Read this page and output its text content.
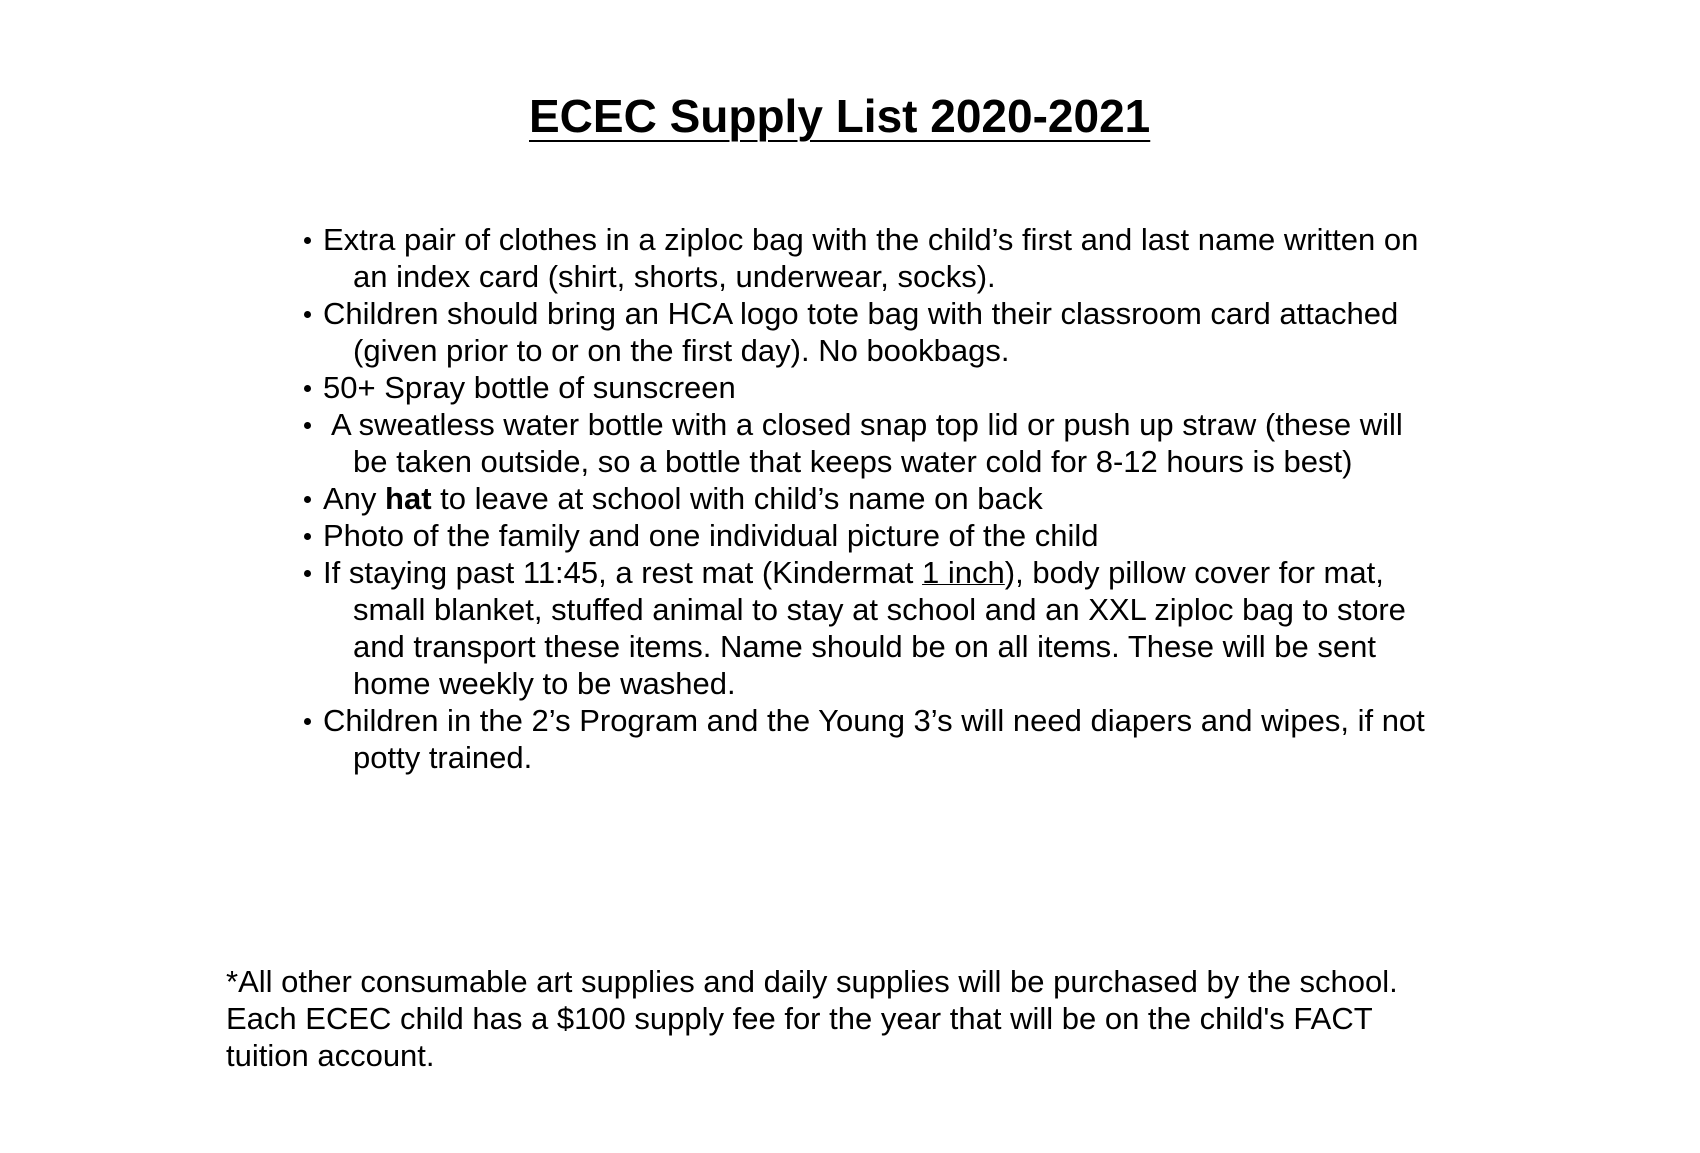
ECEC Supply List 2020-2021
Extra pair of clothes in a ziploc bag with the child’s first and last name written on
an index card (shirt, shorts, underwear, socks).
Children should bring an HCA logo tote bag with their classroom card attached
(given prior to or on the first day). No bookbags.
50+ Spray bottle of sunscreen
A sweatless water bottle with a closed snap top lid or push up straw (these will
be taken outside, so a bottle that keeps water cold for 8-12 hours is best)
Any hat to leave at school with child’s name on back
Photo of the family and one individual picture of the child
If staying past 11:45, a rest mat (Kindermat 1 inch), body pillow cover for mat,
small blanket, stuffed animal to stay at school and an XXL ziploc bag to store
and transport these items. Name should be on all items. These will be sent
home weekly to be washed.
Children in the 2’s Program and the Young 3’s will need diapers and wipes, if not
potty trained.

*All other consumable art supplies and daily supplies will be purchased by the school.
Each ECEC child has a $100 supply fee for the year that will be on the child's FACT
tuition account.
